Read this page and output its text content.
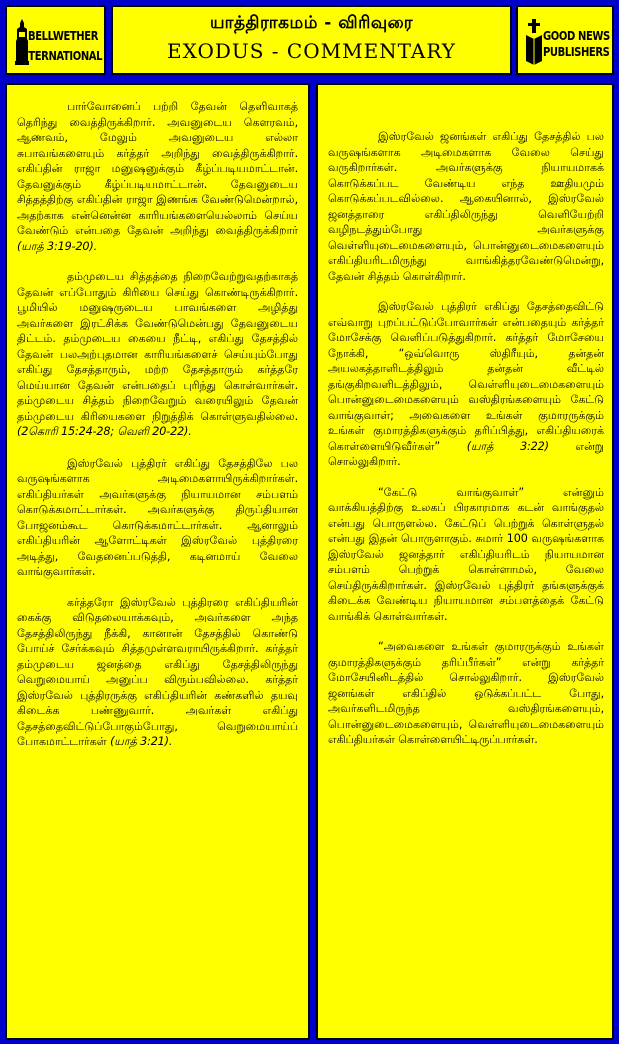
BELLWETHER
INTERNATIONAL
யாத்திராகமம் - விரிவுரை
EXODUS - COMMENTARY
GOOD NEWS
PUBLISHERS

பார்வோனைப் பற்றி தேவன் தெளிவாகத் தெரிந்து வைத்திருக்கிறார். அவனுடைய கௌரவம், ஆணவம், மேலும் அவனுடைய எல்லா சுபாவங்களையும் கர்த்தர் அறிந்து வைத்திருக்கிறார். எகிப்தின் ராஜா மனுஷனுக்கும் கீழ்ப்படியமாட்டான். தேவனுக்கும் கீழ்ப்படியமாட்டான். தேவனுடைய சித்தத்திற்கு எகிப்தின் ராஜா இணங்க வேண்டுமென்றால், அதற்காக என்னென்ன காரியங்களையெல்லாம் செய்ய வேண்டும் என்பதை தேவன் அறிந்து வைத்திருக்கிறார் (யாத் 3:19-20).

தம்முடைய சித்தத்தை நிறைவேற்றுவதற்காகத் தேவன் எப்போதும் கிரியை செய்து கொண்டிருக்கிறார். பூமியில் மனுஷருடைய பாவங்களை அழித்து அவர்களை இரட்சிக்க வேண்டுமென்பது தேவனுடைய திட்டம். தம்முடைய கையை நீட்டி, எகிப்து தேசத்தில் தேவன் பலஅற்புதமான காரியங்களைச் செய்யும்போது எகிப்து தேசத்தாரும், மற்ற தேசத்தாரும் கர்த்தரே மெய்யான தேவன் என்பதைப் புரிந்து கொள்வார்கள். தம்முடைய சித்தம் நிறைவேறும் வரையிலும் தேவன் தம்முடைய கிரியைகளை நிறுத்திக் கொள்ளுவதில்லை. (2கொரி 15:24-28; வெளி 20-22).

இஸ்ரவேல் புத்திரர் எகிப்து தேசத்திலே பல வருஷங்களாக அடிமைகளாயிருக்கிறார்கள். எகிப்தியர்கள் அவர்களுக்கு நியாயமான சம்பளம் கொடுக்கமாட்டார்கள். அவர்களுக்கு திருப்தியான போஜனம்கூட கொடுக்கமாட்டார்கள். ஆனாலும் எகிப்தியரின் ஆளோட்டிகள் இஸ்ரவேல் புத்திரரை அடித்து, வேதனைப்படுத்தி, கடினமாய் வேலை வாங்குவார்கள்.

கர்த்தரோ இஸ்ரவேல் புத்திரரை எகிப்தியரின் கைக்கு விடுதலையாக்கவும், அவர்களை அந்த தேசத்திலிருந்து நீக்கி, கானான் தேசத்தில் கொண்டு போய்ச் சேர்க்கவும் சித்தமுள்ளவராயிருக்கிறார். கர்த்தர் தம்முடைய ஜனத்தை எகிப்து தேசத்திலிருந்து வெறுமையாய் அனுப்ப விரும்பவில்லை. கர்த்தர் இஸ்ரவேல் புத்திரருக்கு எகிப்தியரின் கண்களில் தயவு கிடைக்க பண்ணுவார். அவர்கள் எகிப்து தேசத்தைவிட்டுப்போகும்போது, வெறுமையாய்ப் போகமாட்டார்கள் (யாத் 3:21).

இஸ்ரவேல் ஜனங்கள் எகிப்து தேசத்தில் பல வருஷங்களாக அடிமைகளாக வேலை செய்து வருகிறார்கள். அவர்களுக்கு நியாயமாகக் கொடுக்கப்பட வேண்டிய எந்த ஊதியமும் கொடுக்கப்படவில்லை. ஆகையினால், இஸ்ரவேல் ஜனத்தாரை எகிப்திலிருந்து வெளியேற்றி வழிநடத்தும்போது அவர்களுக்கு வெள்ளியுடைமைகளையும், பொன்னுடைமைகளையும் எகிப்தியரிடமிருந்து வாங்கித்தரவேண்டுமென்று, தேவன் சித்தம் கொள்கிறார்.

இஸ்ரவேல் புத்திரர் எகிப்து தேசத்தைவிட்டு எவ்வாறு புறப்பட்டுப்போவார்கள் என்பதையும் கர்த்தர் மோசேக்கு வெளிப்படுத்துகிறார். கர்த்தர் மோசேயை நோக்கி, “ஒவ்வொரு ஸ்திரீயும், தன்தன் அயலகத்தாளிடத்திலும் தன்தன் வீட்டில் தங்குகிறவளிடத்திலும், வெள்ளியுடைமைகளையும் பொன்னுடைமைகளையும் வஸ்திரங்களையும் கேட்டு வாங்குவாள்; அவைகளை உங்கள் குமாரருக்கும் உங்கள் குமாரத்திகளுக்கும் தரிப்பித்து, எகிப்தியரைக் கொள்ளையிடுவீர்கள்” (யாத் 3:22) என்று சொல்லுகிறார்.

“கேட்டு வாங்குவாள்” என்னும் வாக்கியத்திற்கு உலகப் பிரகாரமாக கடன் வாங்குதல் என்பது பொருளல்ல. கேட்டுப் பெற்றுக் கொள்ளுதல் என்பது இதன் பொருளாகும். சுமார் 100 வருஷங்களாக இஸ்ரவேல் ஜனத்தார் எகிப்தியரிடம் நியாயமான சம்பளம் பெற்றுக் கொள்ளாமல், வேலை செய்திருக்கிறார்கள். இஸ்ரவேல் புத்திரர் தங்களுக்குக் கிடைக்க வேண்டிய நியாயமான சம்பளத்தைக் கேட்டு வாங்கிக் கொள்வார்கள்.

“அவைகளை உங்கள் குமாரருக்கும் உங்கள் குமாரத்திகளுக்கும் தரிப்பீர்கள்” என்று கர்த்தர் மோசேயினிடத்தில் சொல்லுகிறார். இஸ்ரவேல் ஜனங்கள் எகிப்தில் ஒடுக்கப்பட்ட போது, அவர்களிடமிருந்த வஸ்திரங்களையும், பொன்னுடைமைகளையும், வெள்ளியுடைமைகளையும் எகிப்தியர்கள் கொள்ளையிட்டிருப்பார்கள்.
